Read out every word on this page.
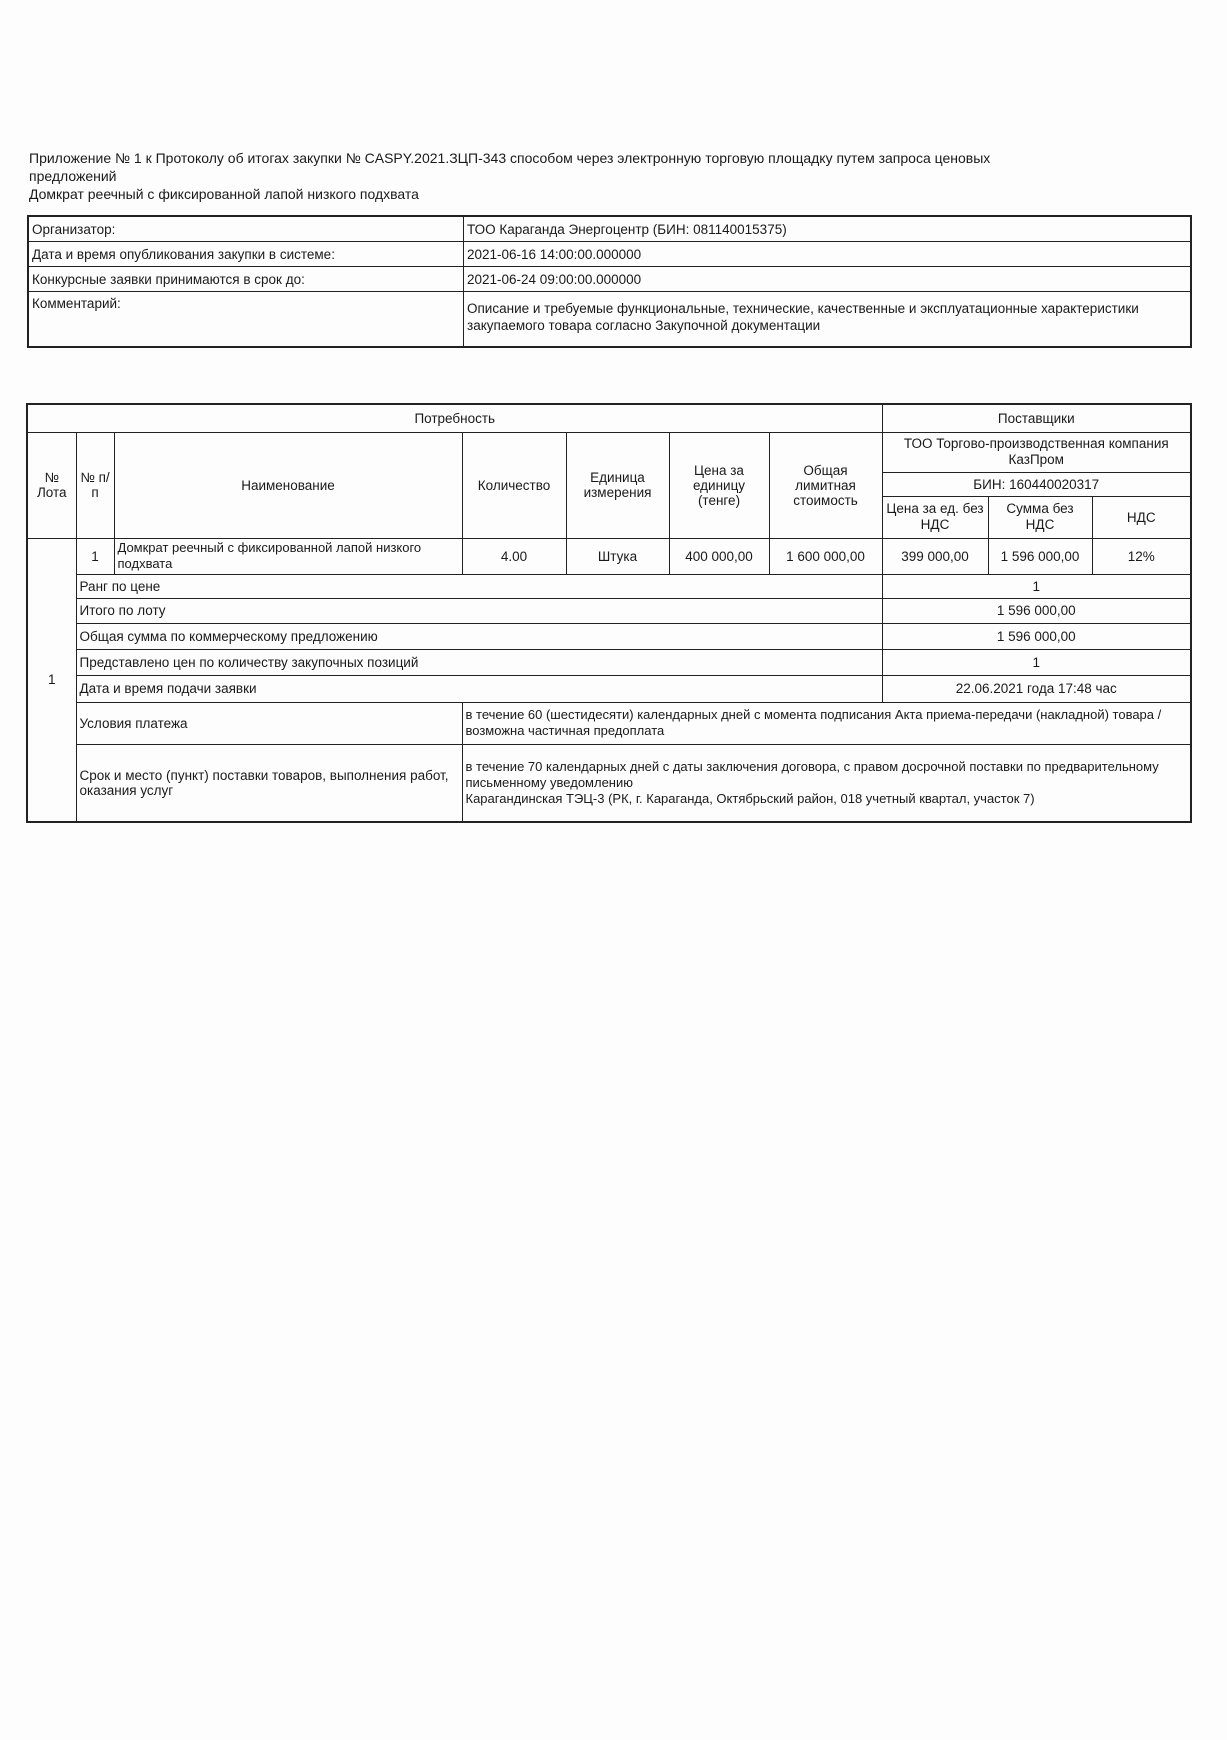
Приложение № 1 к Протоколу об итогах закупки № CASPY.2021.ЗЦП-343 способом через электронную торговую площадку путем запроса ценовых
предложений
Домкрат реечный с фиксированной лапой низкого подхвата
Организатор:	ТОО Караганда Энергоцентр (БИН: 081140015375)
Дата и время опубликования закупки в системе:	2021-06-16 14:00:00.000000
Конкурсные заявки принимаются в срок до:	2021-06-24 09:00:00.000000
Комментарий:	Описание и требуемые функциональные, технические, качественные и эксплуатационные характеристики закупаемого товара согласно Закупочной документации
Потребность							Поставщики		
№ Лота	№ п/п	Наименование	Количество	Единица измерения	Цена за единицу (тенге)	Общая лимитная стоимость	ТОО Торгово-производственная компания КазПром		
							БИН: 160440020317		
							Цена за ед. без НДС	Сумма без НДС	НДС
1	1	Домкрат реечный с фиксированной лапой низкого подхвата	4.00	Штука	400 000,00	1 600 000,00	399 000,00	1 596 000,00	12%
	Ранг по цене						1		
	Итого по лоту						1 596 000,00		
	Общая сумма по коммерческому предложению						1 596 000,00		
	Представлено цен по количеству закупочных позиций						1		
	Дата и время подачи заявки						22.06.2021 года 17:48 час		
	Условия платежа		в течение 60 (шестидесяти) календарных дней с момента подписания Акта приема-передачи (накладной) товара / возможна частичная предоплата						
	Срок и место (пункт) поставки товаров, выполнения работ, оказания услуг		в течение 70 календарных дней с даты заключения договора, с правом досрочной поставки по предварительному письменному уведомлению
Карагандинская ТЭЦ-3 (РК, г. Караганда, Октябрьский район, 018 учетный квартал, участок 7)						
